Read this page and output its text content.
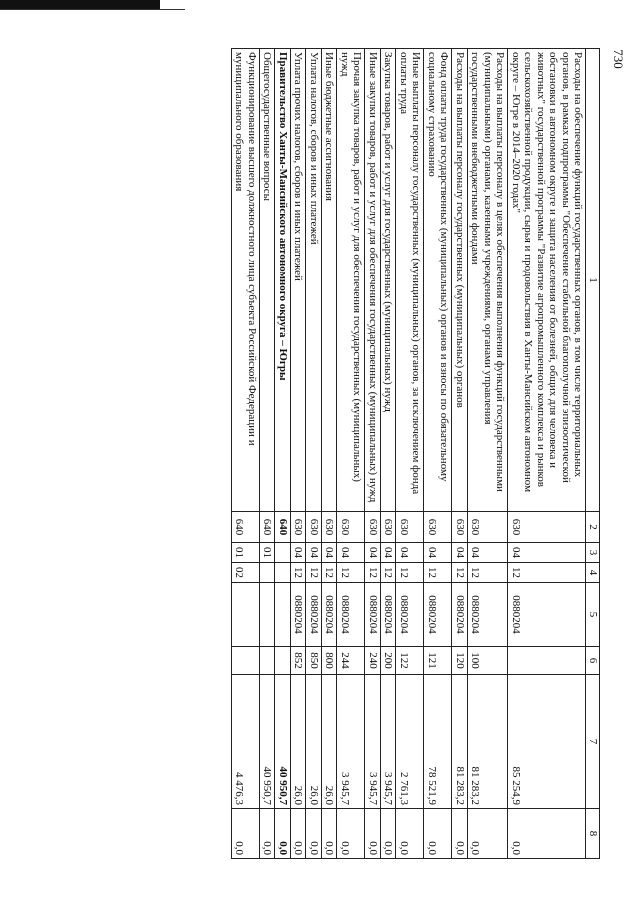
730
1	2	3	4	5	6	7	8
Расходы на обеспечение функций государственных органов, в том числе территориальных органов, в рамках подпрограммы "Обеспечение стабильной благополучной эпизоотической обстановки в автономном округе и защита населения от болезней, общих для человека и животных" государственной программы "Развитие агропромышленного комплекса и рынков сельскохозяйственной продукции, сырья и продовольствия в Ханты-Мансийском автономном округе – Югре в 2014–2020 годах"	630	04	12	0880204		85 254,9	0,0
Расходы на выплаты персоналу в целях обеспечения выполнения функций государственными (муниципальными) органами, казенными учреждениями, органами управления государственными внебюджетными фондами	630	04	12	0880204	100	81 283,2	0,0
Расходы на выплаты персоналу государственных (муниципальных) органов	630	04	12	0880204	120	81 283,2	0,0
Фонд оплаты труда государственных (муниципальных) органов и взносы по обязательному социальному страхованию	630	04	12	0880204	121	78 521,9	0,0
Иные выплаты персоналу государственных (муниципальных) органов, за исключением фонда оплаты труда	630	04	12	0880204	122	2 761,3	0,0
Закупка товаров, работ и услуг для государственных (муниципальных) нужд	630	04	12	0880204	200	3 945,7	0,0
Иные закупки товаров, работ и услуг для обеспечения государственных (муниципальных) нужд	630	04	12	0880204	240	3 945,7	0,0
Прочая закупка товаров, работ и услуг для обеспечения государственных (муниципальных) нужд	630	04	12	0880204	244	3 945,7	0,0
Иные бюджетные ассигнования	630	04	12	0880204	800	26,0	0,0
Уплата налогов, сборов и иных платежей	630	04	12	0880204	850	26,0	0,0
Уплата прочих налогов, сборов и иных платежей	630	04	12	0880204	852	26,0	0,0
Правительство Ханты-Мансийского автономного округа – Югры	640					40 950,7	0,0
Общегосударственные вопросы	640	01				40 950,7	0,0
Функционирование высшего должностного лица субъекта Российской Федерации и муниципального образования	640	01	02			4 476,3	0,0
